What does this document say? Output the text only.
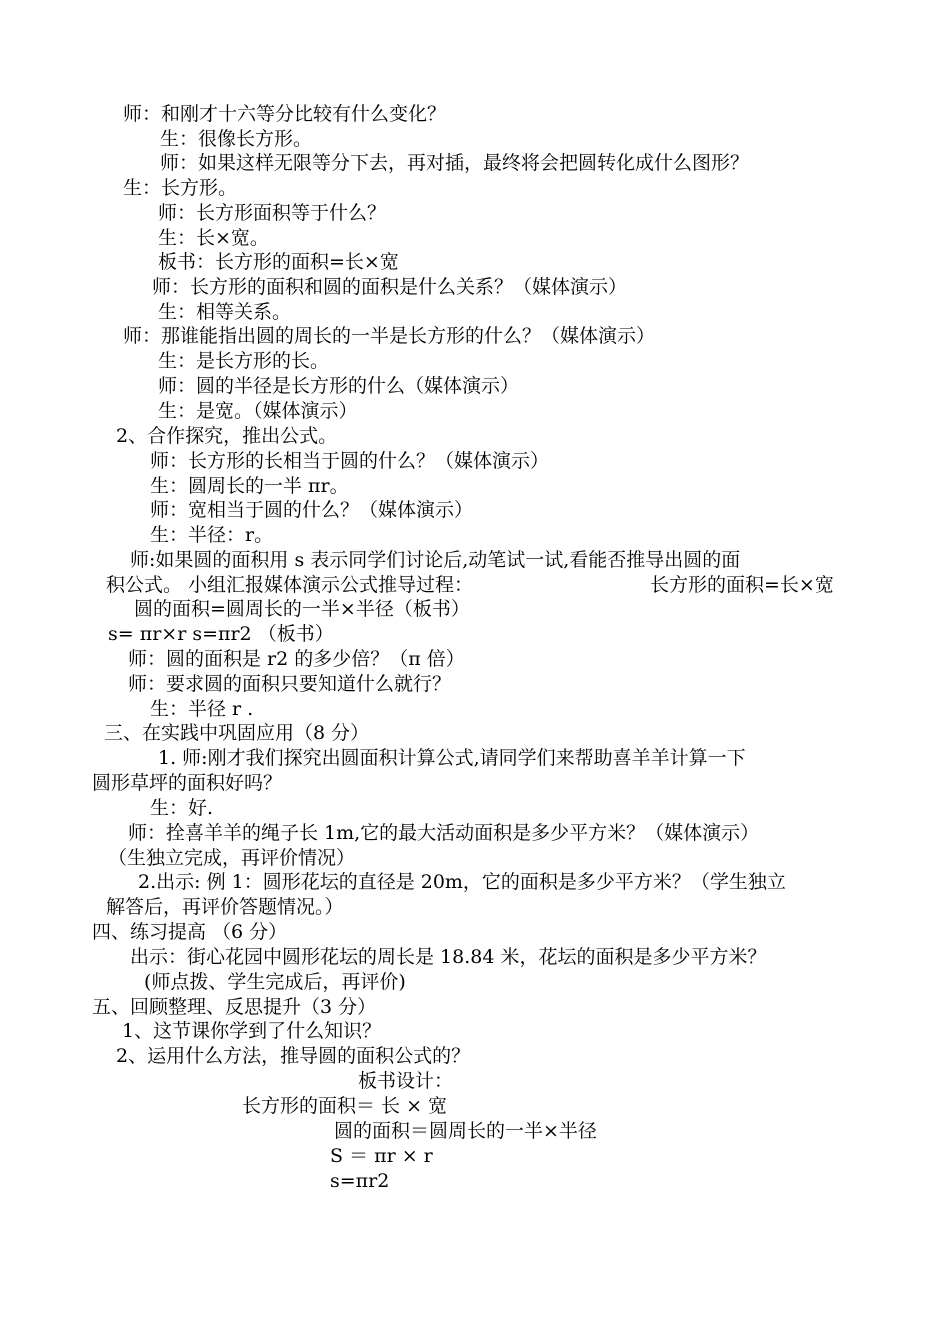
师：和刚才十六等分比较有什么变化？
生：很像长方形。
师：如果这样无限等分下去，再对插，最终将会把圆转化成什么图形？
生：长方形。
师：长方形面积等于什么？
生：长×宽。
板书：长方形的面积=长×宽
师：长方形的面积和圆的面积是什么关系？（媒体演示）
生：相等关系。
师：那谁能指出圆的周长的一半是长方形的什么？（媒体演示）
生：是长方形的长。
师：圆的半径是长方形的什么（媒体演示）
生：是宽。（媒体演示）
2、合作探究，推出公式。
师：长方形的长相当于圆的什么？（媒体演示）
生：圆周长的一半 πr。
师：宽相当于圆的什么？（媒体演示）
生：半径：r。
师:如果圆的面积用 s 表示同学们讨论后,动笔试一试,看能否推导出圆的面
积公式。 小组汇报媒体演示公式推导过程：	长方形的面积=长×宽
圆的面积=圆周长的一半×半径（板书）
s= πr×r s=πr2 （板书）
师：圆的面积是 r2 的多少倍？（π 倍）
师：要求圆的面积只要知道什么就行？
生：半径 r .
三、在实践中巩固应用（8 分）
1. 师:刚才我们探究出圆面积计算公式,请同学们来帮助喜羊羊计算一下
圆形草坪的面积好吗？
生：好.
师：拴喜羊羊的绳子长 1m,它的最大活动面积是多少平方米？（媒体演示）
（生独立完成，再评价情况）
2.出示: 例 1：圆形花坛的直径是 20m，它的面积是多少平方米？（学生独立
解答后，再评价答题情况。）
四、练习提高 （6 分）
出示：街心花园中圆形花坛的周长是 18.84 米，花坛的面积是多少平方米？
(师点拨、学生完成后，再评价)
五、回顾整理、反思提升（3 分）
1、这节课你学到了什么知识？
2、运用什么方法，推导圆的面积公式的？
板书设计：
长方形的面积＝ 长 × 宽
圆的面积＝圆周长的一半×半径
S ＝ πr × r
s=πr2
